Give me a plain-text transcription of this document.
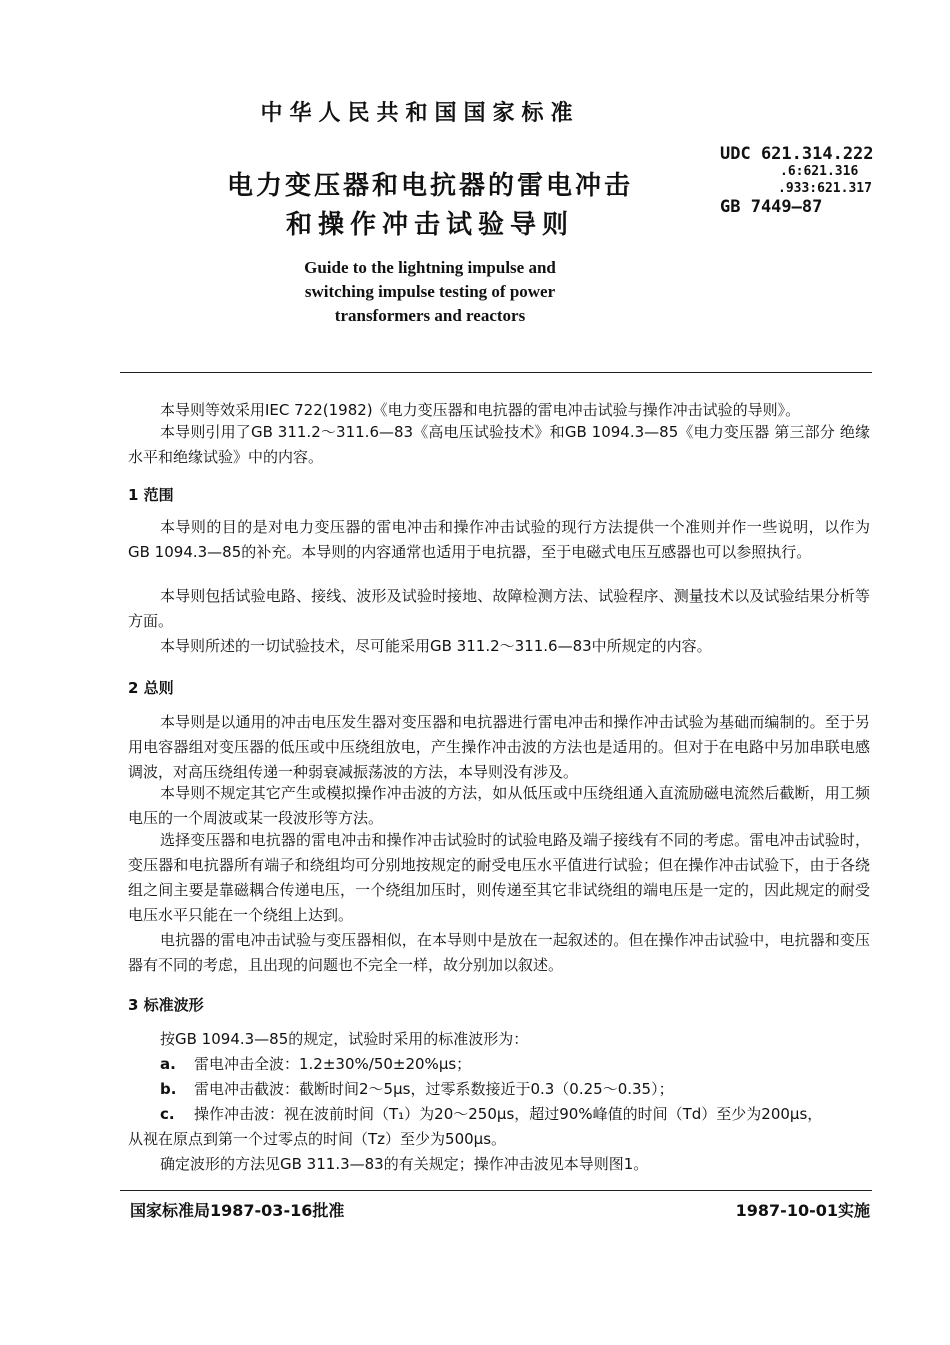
中华人民共和国国家标准
电力变压器和电抗器的雷电冲击
和操作冲击试验导则
UDC 621.314.222
.6:621.316
.933:621.317
GB 7449—87
Guide to the lightning impulse and
switching impulse testing of power
transformers and reactors
本导则等效采用IEC 722(1982)《电力变压器和电抗器的雷电冲击试验与操作冲击试验的导则》。
本导则引用了GB 311.2～311.6—83《高电压试验技术》和GB 1094.3—85《电力变压器 第三部分 绝缘水平和绝缘试验》中的内容。
1 范围
本导则的目的是对电力变压器的雷电冲击和操作冲击试验的现行方法提供一个准则并作一些说明，以作为GB 1094.3—85的补充。本导则的内容通常也适用于电抗器，至于电磁式电压互感器也可以参照执行。
本导则包括试验电路、接线、波形及试验时接地、故障检测方法、试验程序、测量技术以及试验结果分析等方面。
本导则所述的一切试验技术，尽可能采用GB 311.2～311.6—83中所规定的内容。
2 总则
本导则是以通用的冲击电压发生器对变压器和电抗器进行雷电冲击和操作冲击试验为基础而编制的。至于另用电容器组对变压器的低压或中压绕组放电，产生操作冲击波的方法也是适用的。但对于在电路中另加串联电感调波，对高压绕组传递一种弱衰减振荡波的方法，本导则没有涉及。
本导则不规定其它产生或模拟操作冲击波的方法，如从低压或中压绕组通入直流励磁电流然后截断，用工频电压的一个周波或某一段波形等方法。
选择变压器和电抗器的雷电冲击和操作冲击试验时的试验电路及端子接线有不同的考虑。雷电冲击试验时，变压器和电抗器所有端子和绕组均可分别地按规定的耐受电压水平值进行试验；但在操作冲击试验下，由于各绕组之间主要是靠磁耦合传递电压，一个绕组加压时，则传递至其它非试绕组的端电压是一定的，因此规定的耐受电压水平只能在一个绕组上达到。
电抗器的雷电冲击试验与变压器相似，在本导则中是放在一起叙述的。但在操作冲击试验中，电抗器和变压器有不同的考虑，且出现的问题也不完全一样，故分别加以叙述。
3 标准波形
按GB 1094.3—85的规定，试验时采用的标准波形为：
a. 雷电冲击全波：1.2±30%/50±20%μs；
b. 雷电冲击截波：截断时间2～5μs，过零系数接近于0.3（0.25～0.35）；
c. 操作冲击波：视在波前时间（T₁）为20～250μs，超过90%峰值的时间（Td）至少为200μs，
从视在原点到第一个过零点的时间（Tz）至少为500μs。
确定波形的方法见GB 311.3—83的有关规定；操作冲击波见本导则图1。
国家标准局1987-03-16批准	1987-10-01实施
